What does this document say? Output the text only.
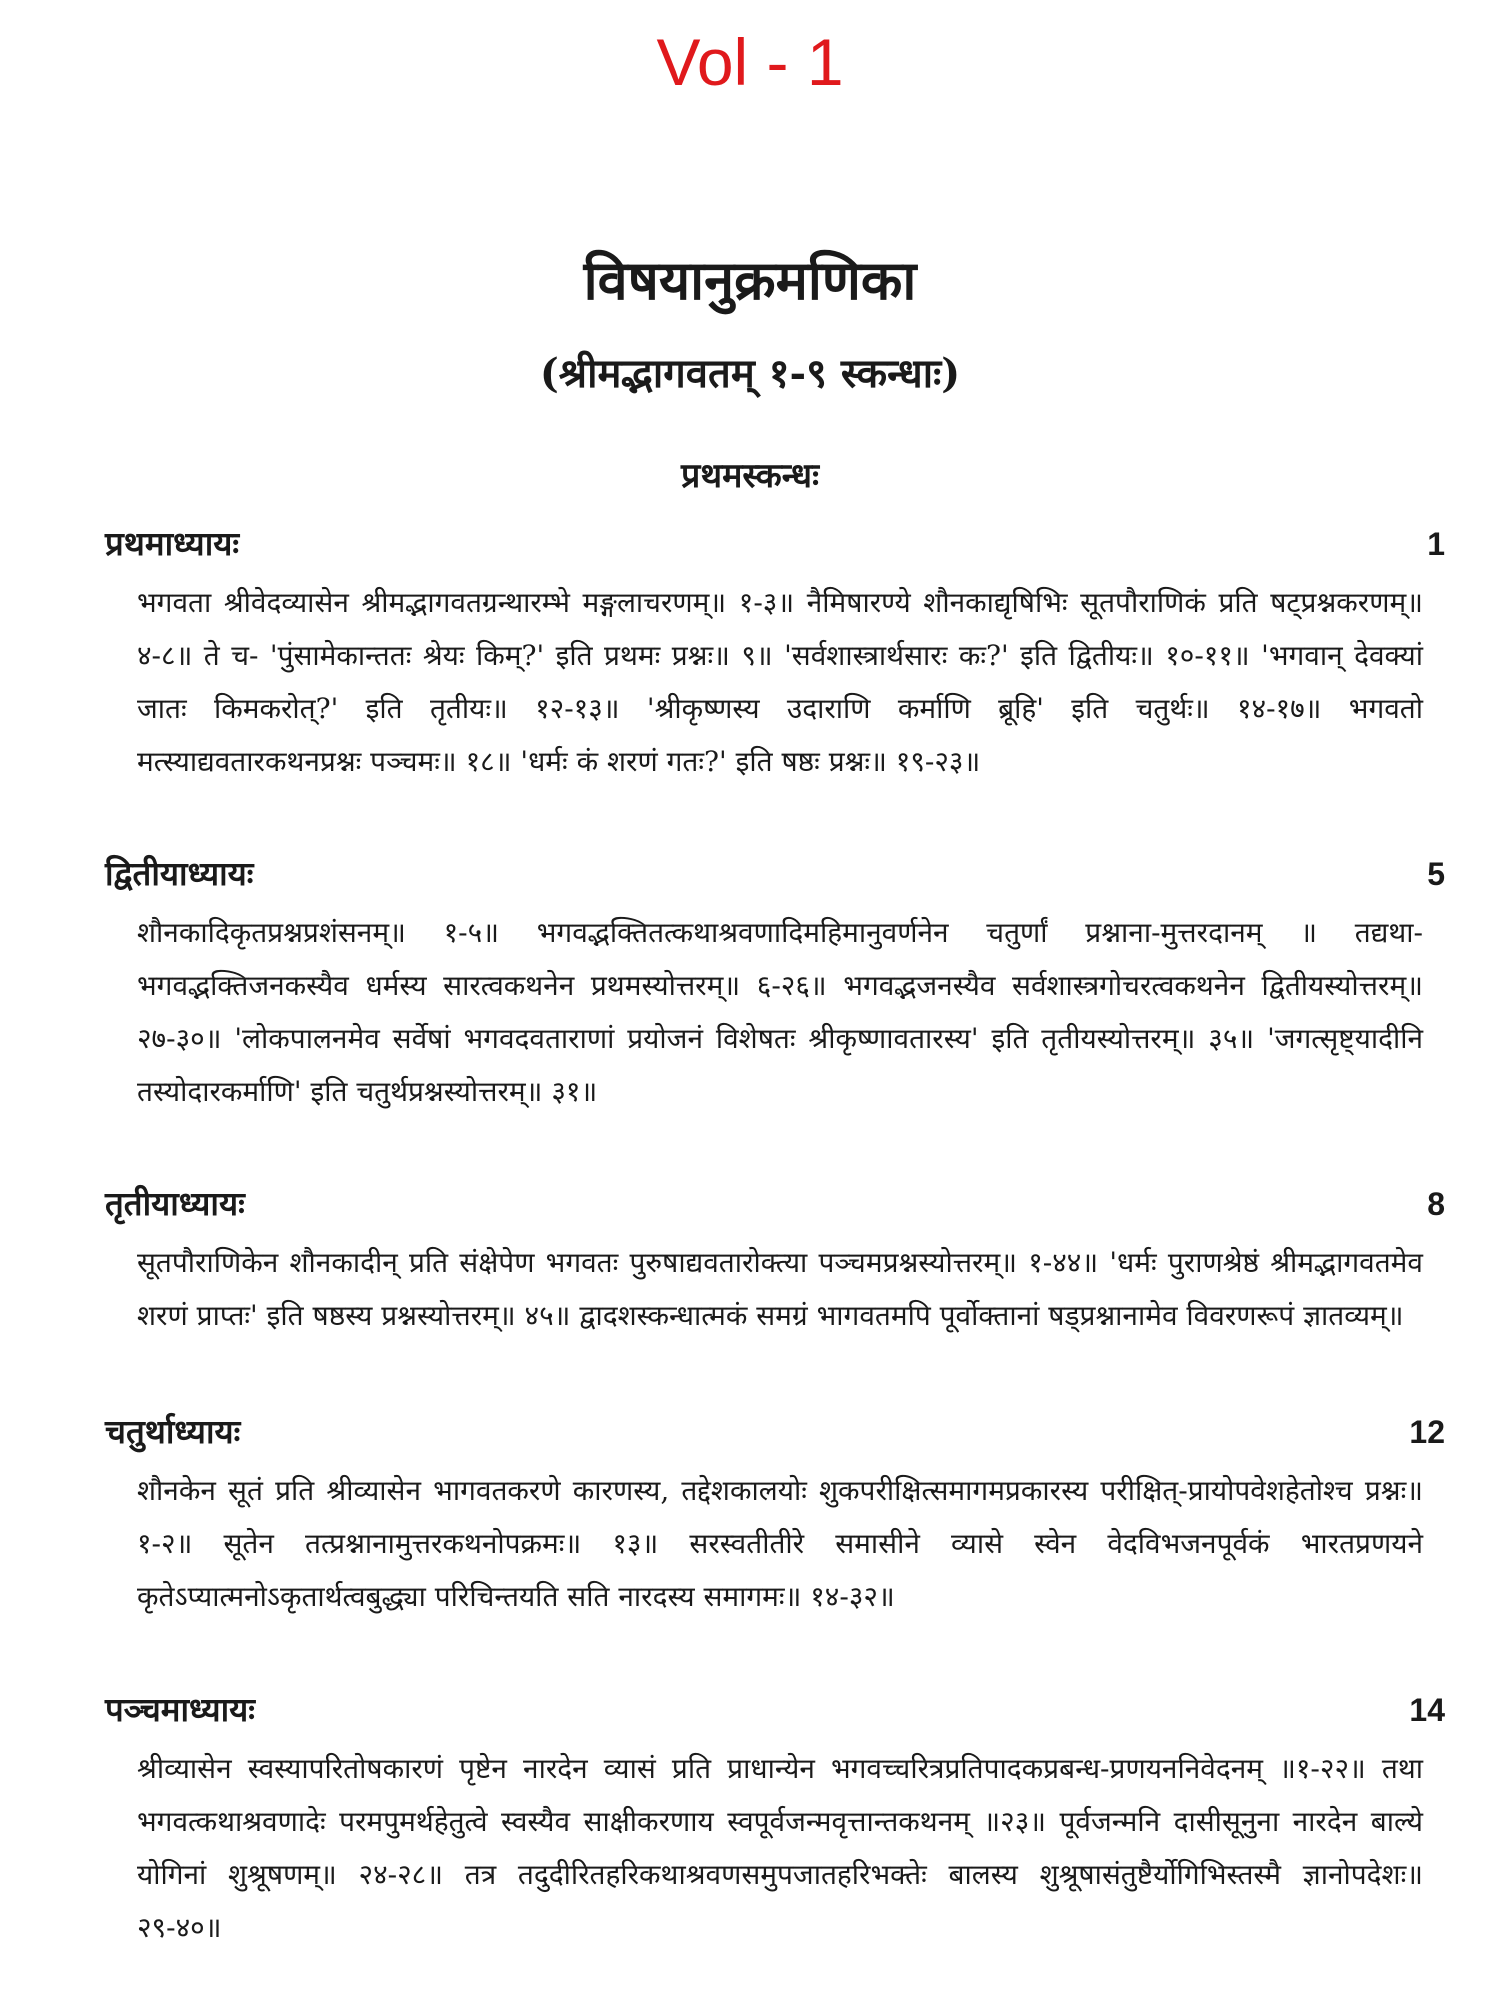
Vol - 1
विषयानुक्रमणिका
(श्रीमद्भागवतम् १-९ स्कन्धाः)
प्रथमस्कन्धः
प्रथमाध्यायः	1

भगवता श्रीवेदव्यासेन श्रीमद्भागवतग्रन्थारम्भे मङ्गलाचरणम्॥ १-३॥ नैमिषारण्ये शौनकाद्यृषिभिः सूतपौराणिकं प्रति षट्प्रश्नकरणम्॥ ४-८॥ ते च- 'पुंसामेकान्ततः श्रेयः किम्?' इति प्रथमः प्रश्नः॥ ९॥ 'सर्वशास्त्रार्थसारः कः?' इति द्वितीयः॥ १०-११॥ 'भगवान् देवक्यां जातः किमकरोत्?' इति तृतीयः॥ १२-१३॥ 'श्रीकृष्णस्य उदाराणि कर्माणि ब्रूहि' इति चतुर्थः॥ १४-१७॥ भगवतो मत्स्याद्यवतारकथनप्रश्नः पञ्चमः॥ १८॥ 'धर्मः कं शरणं गतः?' इति षष्ठः प्रश्नः॥ १९-२३॥

द्वितीयाध्यायः	5

शौनकादिकृतप्रश्नप्रशंसनम्॥ १-५॥ भगवद्भक्तितत्कथाश्रवणादिमहिमानुवर्णनेन चतुर्णां प्रश्नाना-मुत्तरदानम् ॥ तद्यथा- भगवद्भक्तिजनकस्यैव धर्मस्य सारत्वकथनेन प्रथमस्योत्तरम्॥ ६-२६॥ भगवद्भजनस्यैव सर्वशास्त्रगोचरत्वकथनेन द्वितीयस्योत्तरम्॥ २७-३०॥ 'लोकपालनमेव सर्वेषां भगवदवताराणां प्रयोजनं विशेषतः श्रीकृष्णावतारस्य' इति तृतीयस्योत्तरम्॥ ३५॥ 'जगत्सृष्ट्यादीनि तस्योदारकर्माणि' इति चतुर्थप्रश्नस्योत्तरम्॥ ३१॥

तृतीयाध्यायः	8

सूतपौराणिकेन शौनकादीन् प्रति संक्षेपेण भगवतः पुरुषाद्यवतारोक्त्या पञ्चमप्रश्नस्योत्तरम्॥ १-४४॥ 'धर्मः पुराणश्रेष्ठं श्रीमद्भागवतमेव शरणं प्राप्तः' इति षष्ठस्य प्रश्नस्योत्तरम्॥ ४५॥ द्वादशस्कन्धात्मकं समग्रं भागवतमपि पूर्वोक्तानां षड्प्रश्नानामेव विवरणरूपं ज्ञातव्यम्॥

चतुर्थाध्यायः	12

शौनकेन सूतं प्रति श्रीव्यासेन भागवतकरणे कारणस्य, तद्देशकालयोः शुकपरीक्षित्समागमप्रकारस्य परीक्षित्-प्रायोपवेशहेतोश्च प्रश्नः॥ १-२॥ सूतेन तत्प्रश्नानामुत्तरकथनोपक्रमः॥ १३॥ सरस्वतीतीरे समासीने व्यासे स्वेन वेदविभजनपूर्वकं भारतप्रणयने कृतेऽप्यात्मनोऽकृतार्थत्वबुद्ध्या परिचिन्तयति सति नारदस्य समागमः॥ १४-३२॥

पञ्चमाध्यायः	14

श्रीव्यासेन स्वस्यापरितोषकारणं पृष्टेन नारदेन व्यासं प्रति प्राधान्येन भगवच्चरित्रप्रतिपादकप्रबन्ध-प्रणयननिवेदनम् ॥१-२२॥ तथा भगवत्कथाश्रवणादेः परमपुमर्थहेतुत्वे स्वस्यैव साक्षीकरणाय स्वपूर्वजन्मवृत्तान्तकथनम् ॥२३॥ पूर्वजन्मनि दासीसूनुना नारदेन बाल्ये योगिनां शुश्रूषणम्॥ २४-२८॥ तत्र तदुदीरितहरिकथाश्रवणसमुपजातहरिभक्तेः बालस्य शुश्रूषासंतुष्टैर्योगिभिस्तस्मै ज्ञानोपदेशः॥ २९-४०॥
